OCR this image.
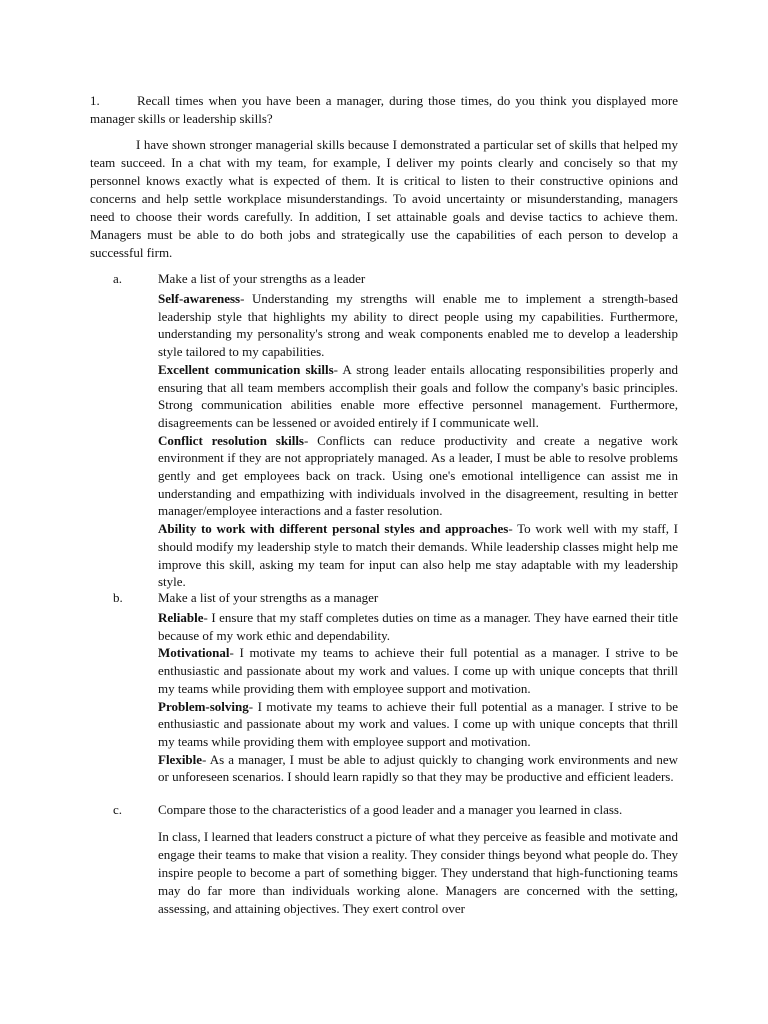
1.	Recall times when you have been a manager, during those times, do you think you displayed more manager skills or leadership skills?
I have shown stronger managerial skills because I demonstrated a particular set of skills that helped my team succeed. In a chat with my team, for example, I deliver my points clearly and concisely so that my personnel knows exactly what is expected of them. It is critical to listen to their constructive opinions and concerns and help settle workplace misunderstandings. To avoid uncertainty or misunderstanding, managers need to choose their words carefully. In addition, I set attainable goals and devise tactics to achieve them. Managers must be able to do both jobs and strategically use the capabilities of each person to develop a successful firm.
a.	Make a list of your strengths as a leader
Self-awareness- Understanding my strengths will enable me to implement a strength-based leadership style that highlights my ability to direct people using my capabilities. Furthermore, understanding my personality's strong and weak components enabled me to develop a leadership style tailored to my capabilities.
Excellent communication skills- A strong leader entails allocating responsibilities properly and ensuring that all team members accomplish their goals and follow the company's basic principles. Strong communication abilities enable more effective personnel management. Furthermore, disagreements can be lessened or avoided entirely if I communicate well.
Conflict resolution skills- Conflicts can reduce productivity and create a negative work environment if they are not appropriately managed. As a leader, I must be able to resolve problems gently and get employees back on track. Using one's emotional intelligence can assist me in understanding and empathizing with individuals involved in the disagreement, resulting in better manager/employee interactions and a faster resolution.
Ability to work with different personal styles and approaches- To work well with my staff, I should modify my leadership style to match their demands. While leadership classes might help me improve this skill, asking my team for input can also help me stay adaptable with my leadership style.
b.	Make a list of your strengths as a manager
Reliable- I ensure that my staff completes duties on time as a manager. They have earned their title because of my work ethic and dependability.
Motivational- I motivate my teams to achieve their full potential as a manager. I strive to be enthusiastic and passionate about my work and values. I come up with unique concepts that thrill my teams while providing them with employee support and motivation.
Problem-solving- I motivate my teams to achieve their full potential as a manager. I strive to be enthusiastic and passionate about my work and values. I come up with unique concepts that thrill my teams while providing them with employee support and motivation.
Flexible- As a manager, I must be able to adjust quickly to changing work environments and new or unforeseen scenarios. I should learn rapidly so that they may be productive and efficient leaders.
c.	Compare those to the characteristics of a good leader and a manager you learned in class.
In class, I learned that leaders construct a picture of what they perceive as feasible and motivate and engage their teams to make that vision a reality. They consider things beyond what people do. They inspire people to become a part of something bigger. They understand that high-functioning teams may do far more than individuals working alone. Managers are concerned with the setting, assessing, and attaining objectives. They exert control over
